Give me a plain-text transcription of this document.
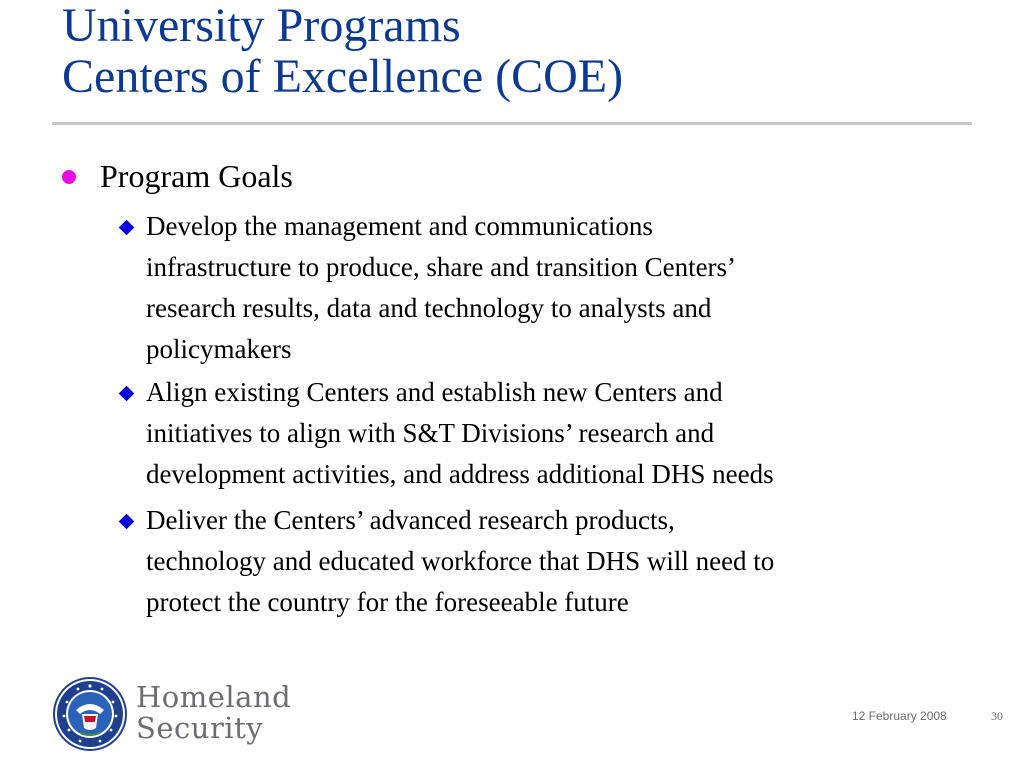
University Programs
Centers of Excellence (COE)
Program Goals
Develop the management and communications
infrastructure to produce, share and transition Centers’
research results, data and technology to analysts and
policymakers
Align existing Centers and establish new Centers and
initiatives to align with S&T Divisions’ research and
development activities, and address additional DHS needs
Deliver the Centers’ advanced research products,
technology and educated workforce that DHS will need to
protect the country for the foreseeable future
Homeland
Security	12 February 2008	30
